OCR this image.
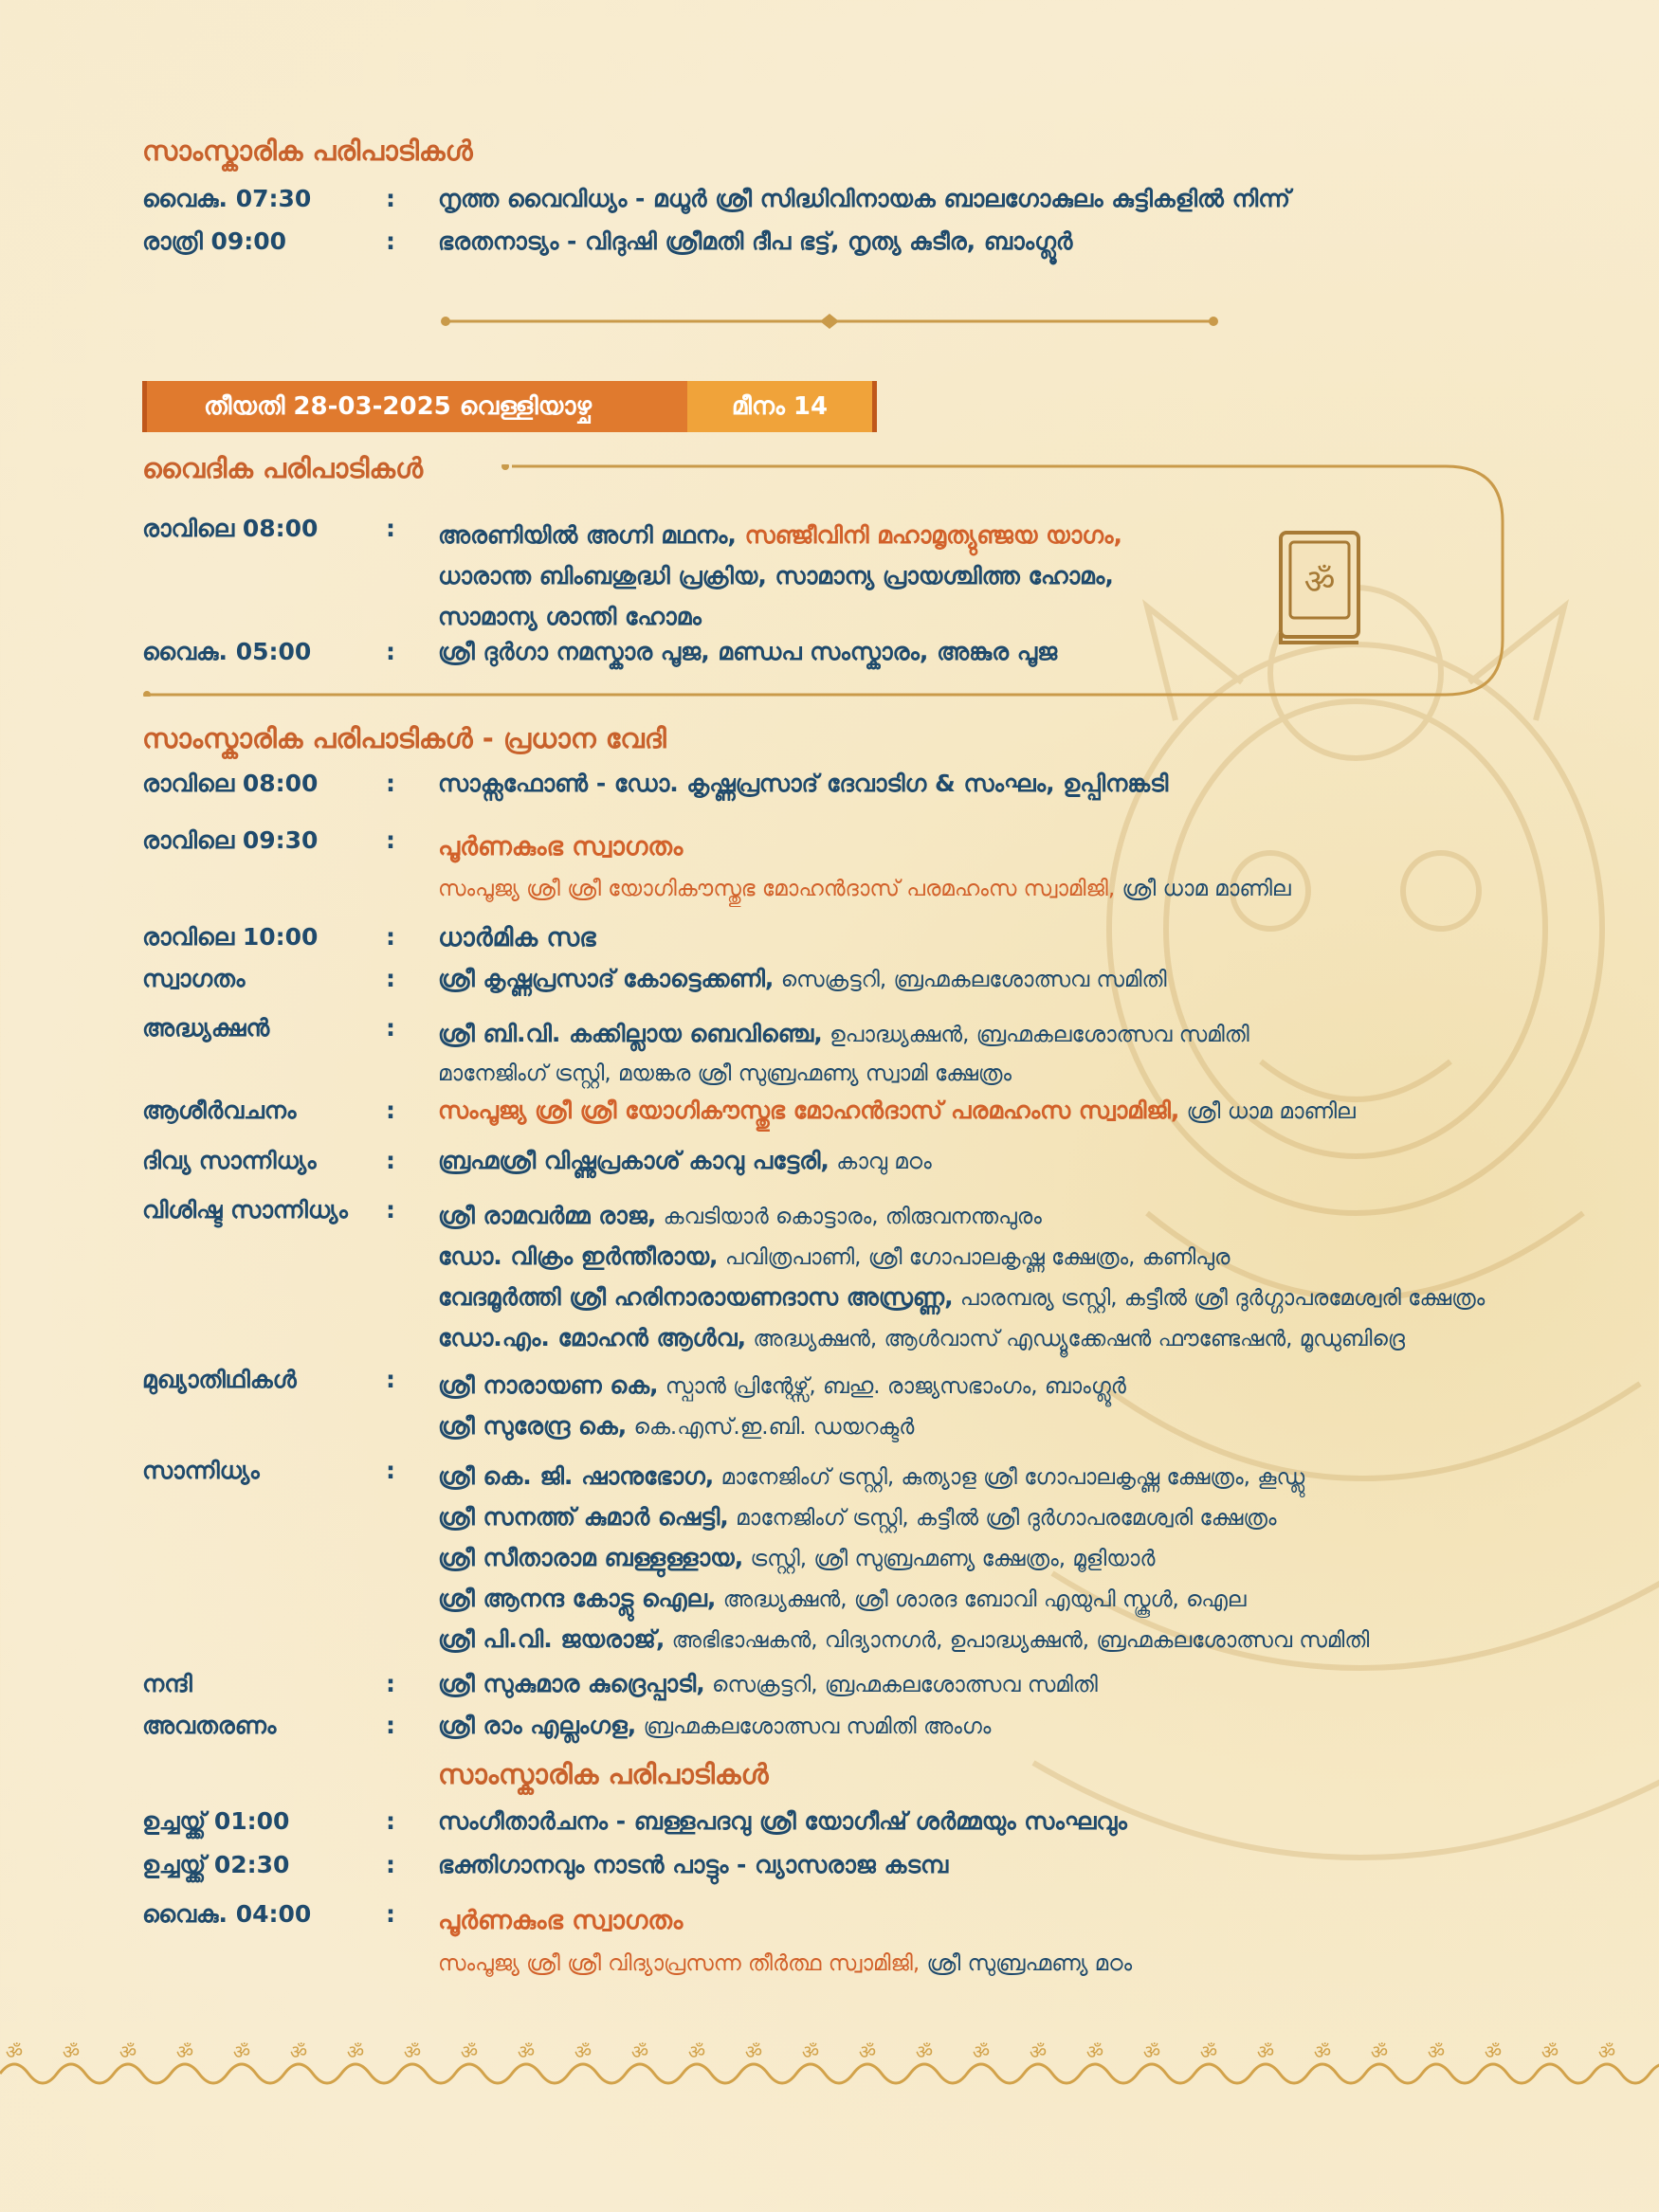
സാംസ്കാരിക പരിപാടികൾ
വൈകു. 07:30	: നൃത്ത വൈവിധ്യം - മധൂർ ശ്രീ സിദ്ധിവിനായക ബാലഗോകുലം കുട്ടികളിൽ നിന്ന്
രാത്രി 09:00	: ഭരതനാട്യം - വിദുഷി ശ്രീമതി ദീപ ഭട്ട്, നൃത്യ കുടീര, ബാംഗ്ലൂർ
തീയതി 28-03-2025 വെള്ളിയാഴ്ച	മീനം 14
വൈദിക പരിപാടികൾ
രാവിലെ 08:00	: അരണിയിൽ അഗ്നി മഥനം, സഞ്ജീവിനി മഹാമൃത്യുഞ്ജയ യാഗം,
ധാരാന്ത ബിംബശുദ്ധി പ്രക്രിയ, സാമാന്യ പ്രായശ്ചിത്ത ഹോമം,
സാമാന്യ ശാന്തി ഹോമം
വൈകു. 05:00	: ശ്രീ ദുർഗാ നമസ്കാര പൂജ, മണ്ഡപ സംസ്കാരം, അങ്കുര പൂജ
ॐ
സാംസ്കാരിക പരിപാടികൾ - പ്രധാന വേദി
രാവിലെ 08:00	: സാക്സഫോൺ - ഡോ. കൃഷ്ണപ്രസാദ് ദേവാടിഗ & സംഘം, ഉപ്പിനങ്കടി
രാവിലെ 09:30	: പൂർണകുംഭ സ്വാഗതം
സംപൂജ്യ ശ്രീ ശ്രീ യോഗികൗസ്തുഭ മോഹൻദാസ് പരമഹംസ സ്വാമിജി, ശ്രീ ധാമ മാണില
രാവിലെ 10:00	: ധാർമിക സഭ
സ്വാഗതം	: ശ്രീ കൃഷ്ണപ്രസാദ് കോട്ടെക്കണി, സെക്രട്ടറി, ബ്രഹ്മകലശോത്സവ സമിതി
അദ്ധ്യക്ഷൻ	: ശ്രീ ബി.വി. കക്കില്ലായ ബെവിഞ്ചെ, ഉപാദ്ധ്യക്ഷൻ, ബ്രഹ്മകലശോത്സവ സമിതി
മാനേജിംഗ് ട്രസ്റ്റി, മയങ്കര ശ്രീ സുബ്രഹ്മണ്യ സ്വാമി ക്ഷേത്രം
ആശീർവചനം	: സംപൂജ്യ ശ്രീ ശ്രീ യോഗികൗസ്തുഭ മോഹൻദാസ് പരമഹംസ സ്വാമിജി, ശ്രീ ധാമ മാണില
ദിവ്യ സാന്നിധ്യം	: ബ്രഹ്മശ്രീ വിഷ്ണുപ്രകാശ് കാവു പട്ടേരി, കാവു മഠം
വിശിഷ്ട സാന്നിധ്യം	: ശ്രീ രാമവർമ്മ രാജ, കവടിയാർ കൊട്ടാരം, തിരുവനന്തപുരം
ഡോ. വിക്രം ഇർന്തീരായ, പവിത്രപാണി, ശ്രീ ഗോപാലകൃഷ്ണ ക്ഷേത്രം, കണിപുര
വേദമൂർത്തി ശ്രീ ഹരിനാരായണദാസ അസ്രണ്ണ, പാരമ്പര്യ ട്രസ്റ്റി, കട്ടീൽ ശ്രീ ദുർഗ്ഗാപരമേശ്വരി ക്ഷേത്രം
ഡോ.എം. മോഹൻ ആൾവ, അദ്ധ്യക്ഷൻ, ആൾവാസ് എഡ്യൂക്കേഷൻ ഫൗണ്ടേഷൻ, മൂഡുബിദ്രെ
മുഖ്യാതിഥികൾ	: ശ്രീ നാരായണ കെ, സ്പാൻ പ്രിന്റേഴ്സ്, ബഹു. രാജ്യസഭാംഗം, ബാംഗ്ലൂർ
ശ്രീ സുരേന്ദ്ര കെ, കെ.എസ്.ഇ.ബി. ഡയറക്ടർ
സാന്നിധ്യം	: ശ്രീ കെ. ജി. ഷാനുഭോഗ, മാനേജിംഗ് ട്രസ്റ്റി, കുത്യാള ശ്രീ ഗോപാലകൃഷ്ണ ക്ഷേത്രം, കൂഡ്ലു
ശ്രീ സനത്ത് കുമാർ ഷെട്ടി, മാനേജിംഗ് ട്രസ്റ്റി, കട്ടീൽ ശ്രീ ദുർഗാപരമേശ്വരി ക്ഷേത്രം
ശ്രീ സീതാരാമ ബള്ളുള്ളായ, ട്രസ്റ്റി, ശ്രീ സുബ്രഹ്മണ്യ ക്ഷേത്രം, മൂളിയാർ
ശ്രീ ആനന്ദ കോട്ലു ഐല, അദ്ധ്യക്ഷൻ, ശ്രീ ശാരദ ബോവി എയുപി സ്കൂൾ, ഐല
ശ്രീ പി.വി. ജയരാജ്, അഭിഭാഷകൻ, വിദ്യാനഗർ, ഉപാദ്ധ്യക്ഷൻ, ബ്രഹ്മകലശോത്സവ സമിതി
നന്ദി	: ശ്രീ സുകുമാര കുദ്രെപ്പാടി, സെക്രട്ടറി, ബ്രഹ്മകലശോത്സവ സമിതി
അവതരണം	: ശ്രീ രാം എല്ലംഗള, ബ്രഹ്മകലശോത്സവ സമിതി അംഗം
സാംസ്കാരിക പരിപാടികൾ
ഉച്ചയ്ക്ക് 01:00	: സംഗീതാർചനം - ബള്ളപദവു ശ്രീ യോഗീഷ് ശർമ്മയും സംഘവും
ഉച്ചയ്ക്ക് 02:30	: ഭക്തിഗാനവും നാടൻ പാട്ടും - വ്യാസരാജ കടമ്പ
വൈകു. 04:00	: പൂർണകുംഭ സ്വാഗതം
സംപൂജ്യ ശ്രീ ശ്രീ വിദ്യാപ്രസന്ന തീർത്ഥ സ്വാമിജി, ശ്രീ സുബ്രഹ്മണ്യ മഠം
ॐ ॐ ॐ ॐ ॐ ॐ ॐ ॐ ॐ ॐ ॐ ॐ ॐ ॐ ॐ ॐ ॐ ॐ ॐ ॐ ॐ ॐ ॐ ॐ ॐ ॐ ॐ ॐ ॐ
